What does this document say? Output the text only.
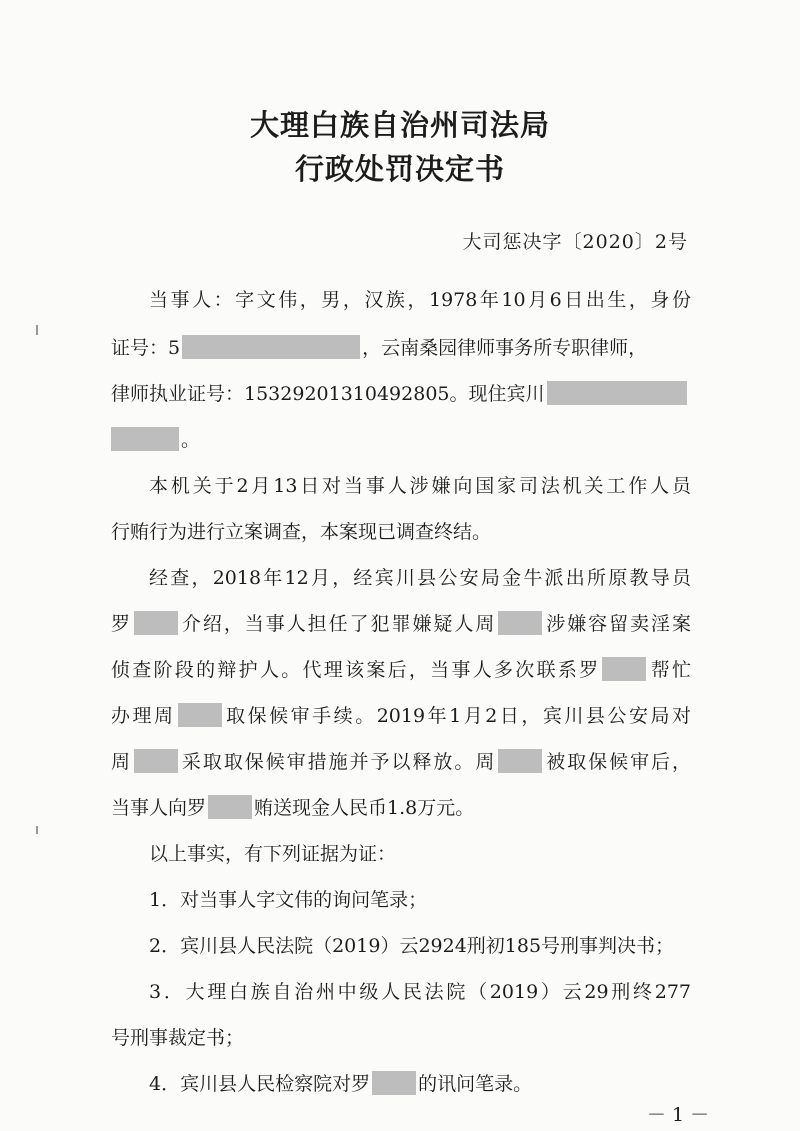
大理白族自治州司法局
行政处罚决定书
大司惩决字〔2020〕2号
当事人：字文伟，男，汉族，1978年10月6日出生，身份
证号：5	，云南桑园律师事务所专职律师，
律师执业证号：15329201310492805。现住宾川
。
本机关于2月13日对当事人涉嫌向国家司法机关工作人员
行贿行为进行立案调查，本案现已调查终结。
经查，2018年12月，经宾川县公安局金牛派出所原教导员
罗	介绍，当事人担任了犯罪嫌疑人周	涉嫌容留卖淫案
侦查阶段的辩护人。代理该案后，当事人多次联系罗	帮忙
办理周	取保候审手续。2019年1月2日，宾川县公安局对
周	采取取保候审措施并予以释放。周	被取保候审后，
当事人向罗	贿送现金人民币1.8万元。
以上事实，有下列证据为证：
1．对当事人字文伟的询问笔录；
2．宾川县人民法院（2019）云2924刑初185号刑事判决书；
3．大理白族自治州中级人民法院（2019）云29刑终277
号刑事裁定书；
4．宾川县人民检察院对罗	的讯问笔录。
－ 1 －
